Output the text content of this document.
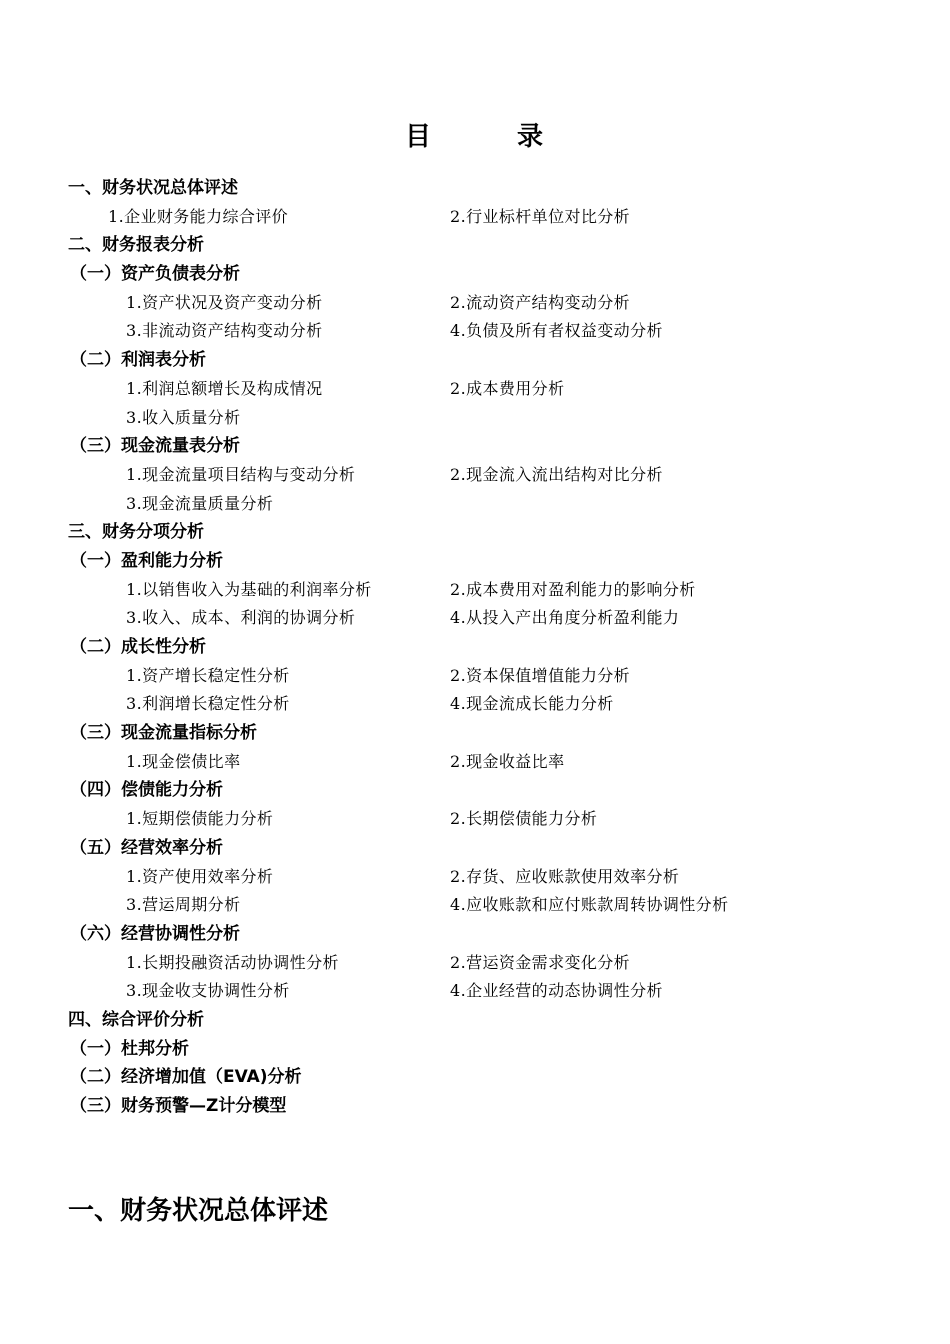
目	录
一、财务状况总体评述
1.企业财务能力综合评价	2.行业标杆单位对比分析
二、财务报表分析
（一）资产负债表分析
1.资产状况及资产变动分析	2.流动资产结构变动分析
3.非流动资产结构变动分析	4.负债及所有者权益变动分析
（二）利润表分析
1.利润总额增长及构成情况	2.成本费用分析
3.收入质量分析
（三）现金流量表分析
1.现金流量项目结构与变动分析	2.现金流入流出结构对比分析
3.现金流量质量分析
三、财务分项分析
（一）盈利能力分析
1.以销售收入为基础的利润率分析	2.成本费用对盈利能力的影响分析
3.收入、成本、利润的协调分析	4.从投入产出角度分析盈利能力
（二）成长性分析
1.资产增长稳定性分析	2.资本保值增值能力分析
3.利润增长稳定性分析	4.现金流成长能力分析
（三）现金流量指标分析
1.现金偿债比率	2.现金收益比率
（四）偿债能力分析
1.短期偿债能力分析	2.长期偿债能力分析
（五）经营效率分析
1.资产使用效率分析	2.存货、应收账款使用效率分析
3.营运周期分析	4.应收账款和应付账款周转协调性分析
（六）经营协调性分析
1.长期投融资活动协调性分析	2.营运资金需求变化分析
3.现金收支协调性分析	4.企业经营的动态协调性分析
四、综合评价分析
（一）杜邦分析
（二）经济增加值（EVA)分析
（三）财务预警—Z计分模型
一、财务状况总体评述
